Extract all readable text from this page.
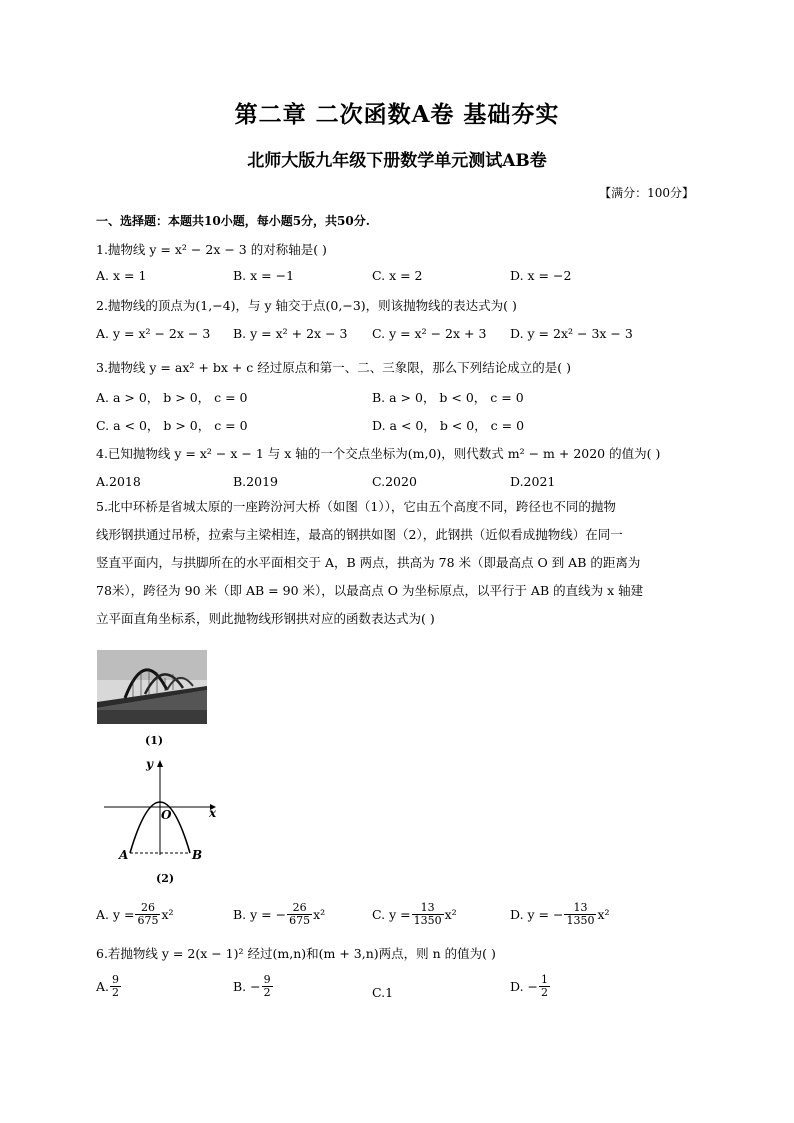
第二章 二次函数A卷 基础夯实
北师大版九年级下册数学单元测试AB卷
【满分：100分】
一、选择题：本题共10小题，每小题5分，共50分.
1.抛物线 y = x² − 2x − 3 的对称轴是( )
A. x = 1	B. x = −1	C. x = 2	D. x = −2
2.抛物线的顶点为(1,−4)，与 y 轴交于点(0,−3)，则该抛物线的表达式为( )
A. y = x² − 2x − 3 B. y = x² + 2x − 3 C. y = x² − 2x + 3 D. y = 2x² − 3x − 3
3.抛物线 y = ax² + bx + c 经过原点和第一、二、三象限，那么下列结论成立的是( )
A. a > 0， b > 0， c = 0	B. a > 0， b < 0， c = 0
C. a < 0， b > 0， c = 0	D. a < 0， b < 0， c = 0
4.已知抛物线 y = x² − x − 1 与 x 轴的一个交点坐标为(m,0)，则代数式 m² − m + 2020 的值为( )
A.2018	B.2019	C.2020	D.2021
5.北中环桥是省城太原的一座跨汾河大桥（如图（1）），它由五个高度不同，跨径也不同的抛物
线形钢拱通过吊桥，拉索与主梁相连，最高的钢拱如图（2），此钢拱（近似看成抛物线）在同一
竖直平面内，与拱脚所在的水平面相交于 A，B 两点，拱高为 78 米（即最高点 O 到 AB 的距离为
78米），跨径为 90 米（即 AB = 90 米），以最高点 O 为坐标原点，以平行于 AB 的直线为 x 轴建
立平面直角坐标系，则此抛物线形钢拱对应的函数表达式为( )
(1)
y
x
O
A	B
(2)
A. $y = \frac{26}{675} x^2$	B. y = − $\frac{26}{675} x^2$	C. $y = \frac{13}{1350} x^2$	D. y = − $\frac{13}{1350} x^2$
6.若抛物线 y = 2(x − 1)² 经过(m,n)和(m + 3,n)两点，则 n 的值为( )
A. $\frac{9}{2}$	B. − $\frac{9}{2}$	C.1	D. − $\frac{1}{2}$
